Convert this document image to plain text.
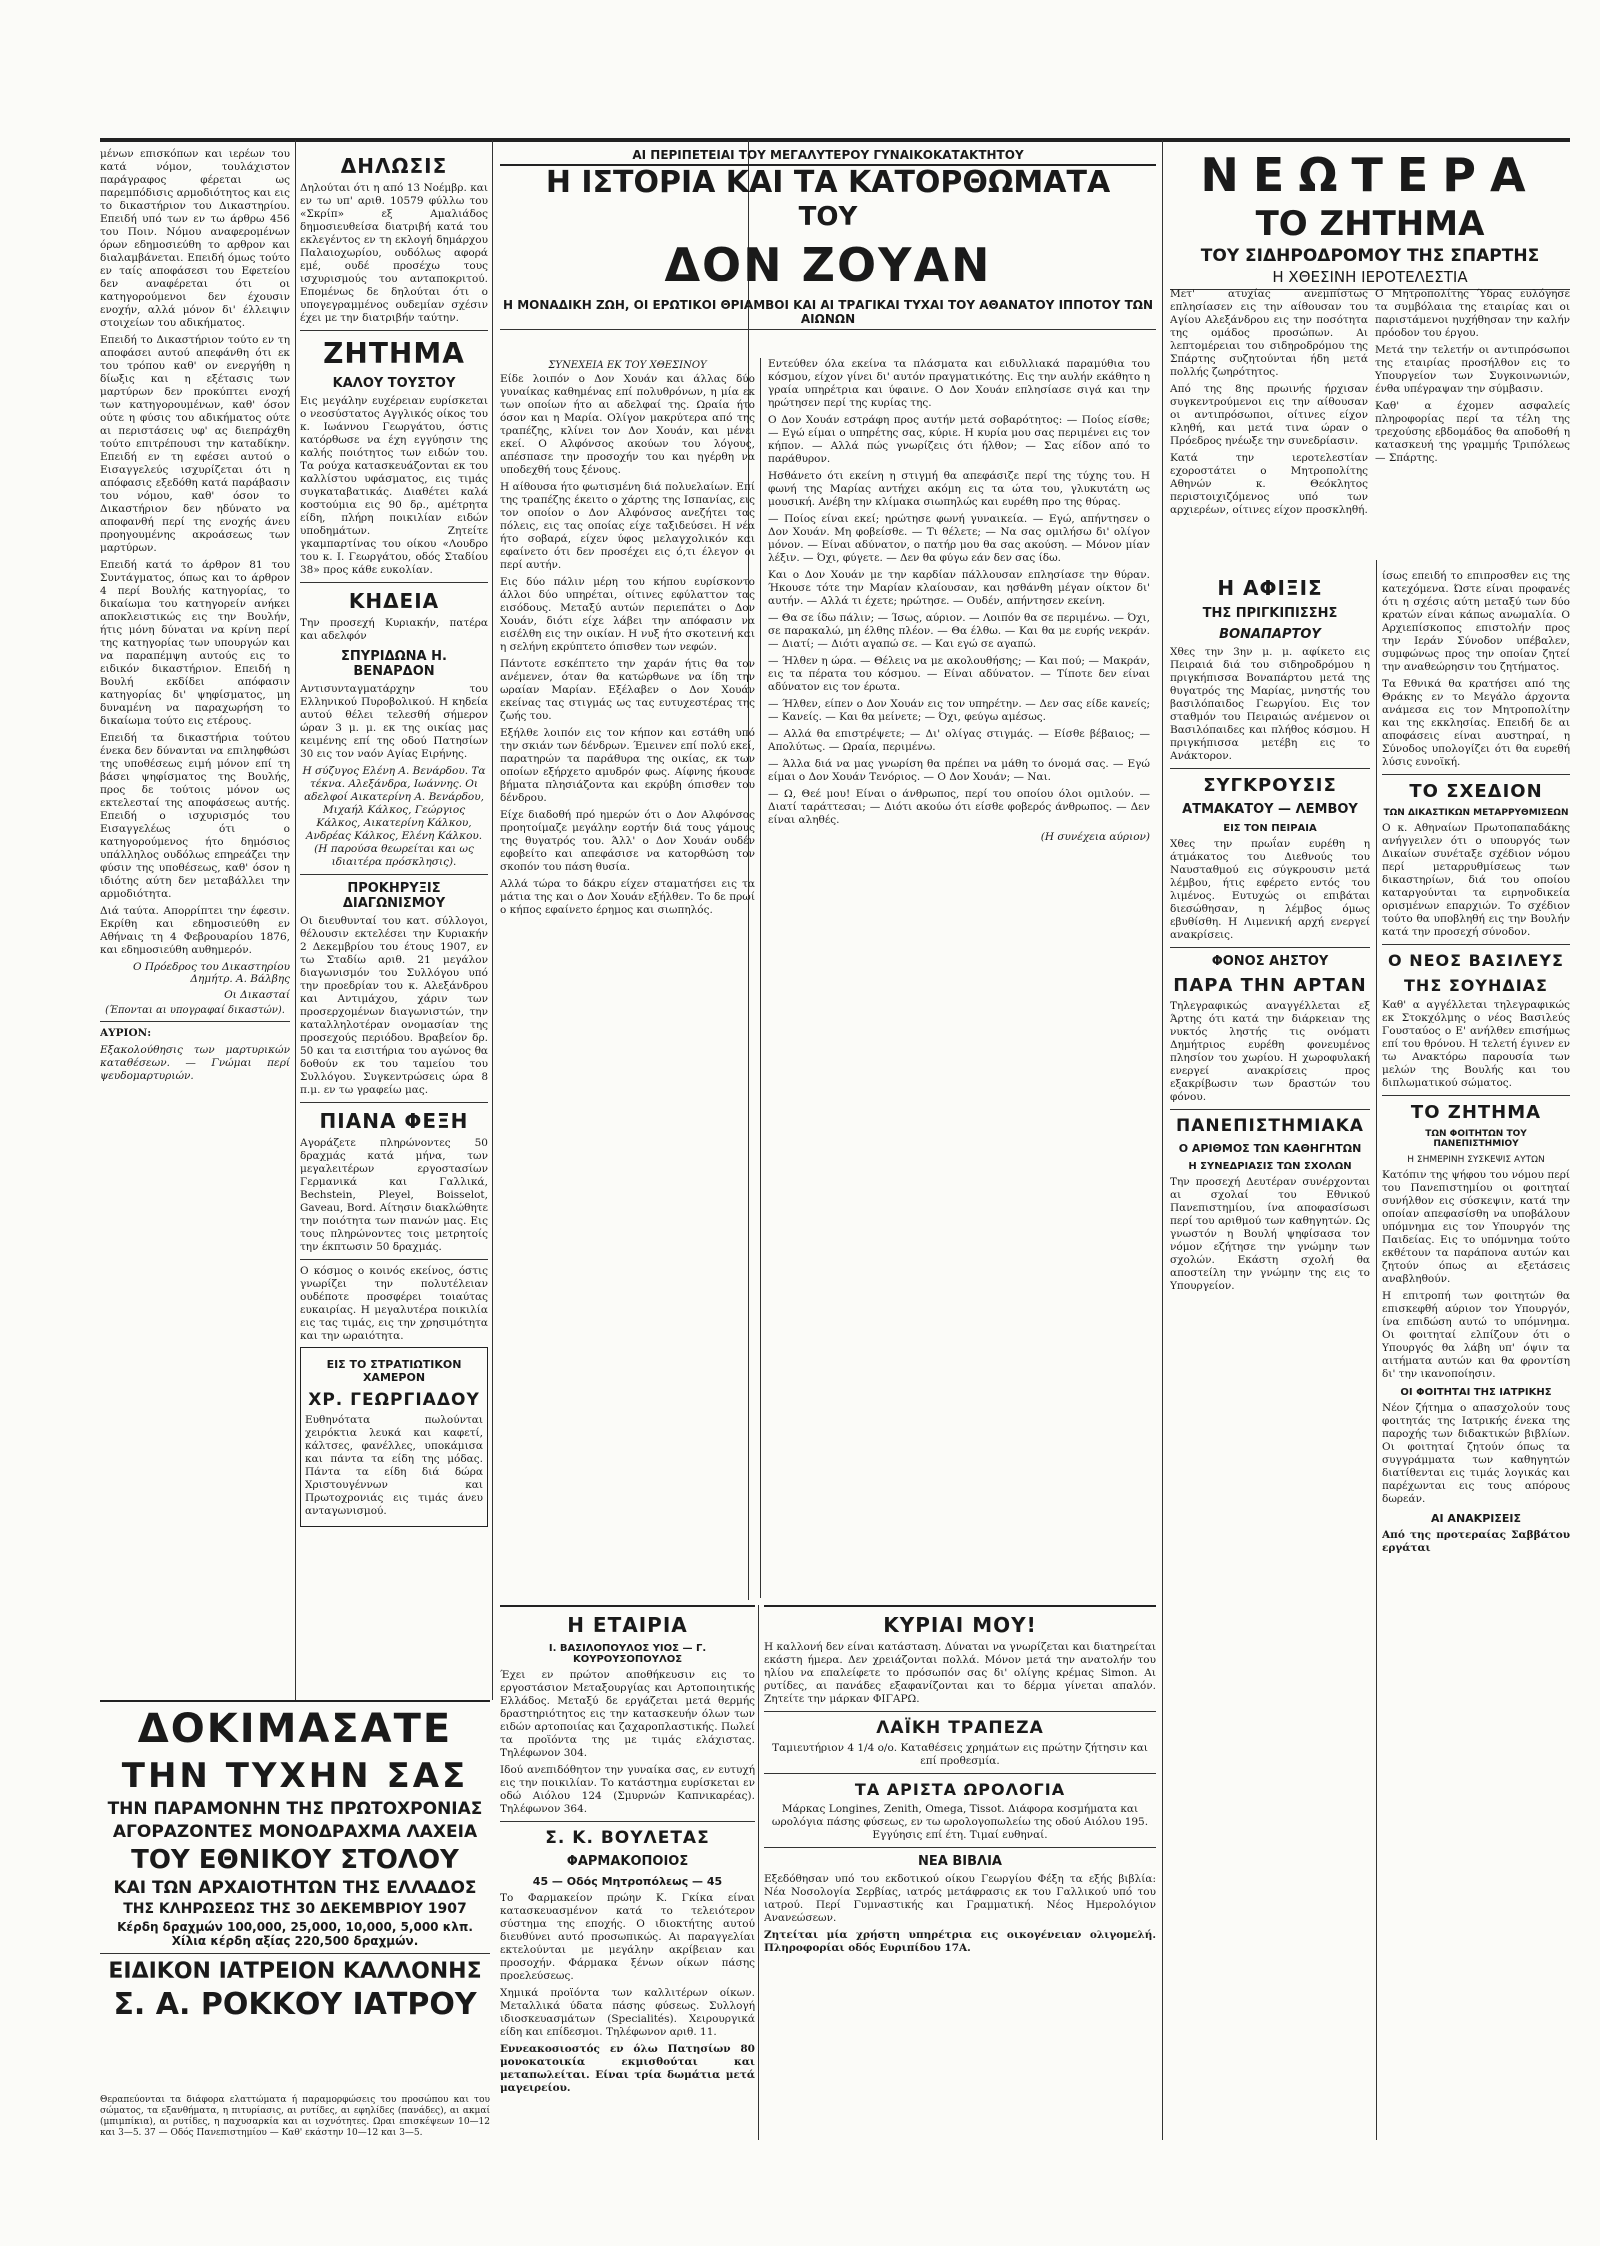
μένων επισκόπων και ιερέων του κατά νόμον, τουλάχιστον παράγραφος φέρεται ως παρεμπόδισις αρμοδιότητος και εις το δικαστήριον του Δικαστηρίου. Επειδή υπό των εν τω άρθρω 456 του Ποιν. Νόμου αναφερομένων όρων εδημοσιεύθη το αρθρον και διαλαμβάνεται. Επειδή όμως τούτο εν ταίς αποφάσεσι του Εφετείου δεν αναφέρεται ότι οι κατηγορούμενοι δεν έχουσιν ενοχήν, αλλά μόνον δι' έλλειψιν στοιχείων του αδικήματος.

Επειδή το Δικαστήριον τούτο εν τη αποφάσει αυτού απεφάνθη ότι εκ του τρόπου καθ' ον ενεργήθη η δίωξις και η εξέτασις των μαρτύρων δεν προκύπτει ενοχή των κατηγορουμένων, καθ' όσον ούτε η φύσις του αδικήματος ούτε αι περιστάσεις υφ' ας διεπράχθη τούτο επιτρέπουσι την καταδίκην. Επειδή εν τη εφέσει αυτού ο Εισαγγελεύς ισχυρίζεται ότι η απόφασις εξεδόθη κατά παράβασιν του νόμου, καθ' όσον το Δικαστήριον δεν ηδύνατο να αποφανθή περί της ενοχής άνευ προηγουμένης ακροάσεως των μαρτύρων.

Επειδή κατά το άρθρον 81 του Συντάγματος, όπως και το άρθρον 4 περί Βουλής κατηγορίας, το δικαίωμα του κατηγορείν ανήκει αποκλειστικώς εις την Βουλήν, ήτις μόνη δύναται να κρίνη περί της κατηγορίας των υπουργών και να παραπέμψη αυτούς εις το ειδικόν δικαστήριον. Επειδή η Βουλή εκδίδει απόφασιν κατηγορίας δι' ψηφίσματος, μη δυναμένη να παραχωρήση το δικαίωμα τούτο εις ετέρους.

Επειδή τα δικαστήρια τούτου ένεκα δεν δύνανται να επιληφθώσι της υποθέσεως ειμή μόνον επί τη βάσει ψηφίσματος της Βουλής, προς δε τούτοις μόνον ως εκτελεσταί της αποφάσεως αυτής. Επειδή ο ισχυρισμός του Εισαγγελέως ότι ο κατηγορούμενος ήτο δημόσιος υπάλληλος ουδόλως επηρεάζει την φύσιν της υποθέσεως, καθ' όσον η ιδιότης αύτη δεν μεταβάλλει την αρμοδιότητα.

Διά ταύτα. Απορρίπτει την έφεσιν. Εκρίθη και εδημοσιεύθη εν Αθήναις τη 4 Φεβρουαρίου 1876, και εδημοσιεύθη αυθημερόν.

Ο Πρόεδρος του Δικαστηρίου Δημήτρ. Α. Βάλβης

Οι Δικασταί

(Έπονται αι υπογραφαί δικαστών).

ΑΥΡΙΟΝ:

Εξακολούθησις των μαρτυρικών καταθέσεων. — Γνώμαι περί ψευδομαρτυριών.

ΔΗΛΩΣΙΣ

Δηλούται ότι η από 13 Νοέμβρ. και εν τω υπ' αριθ. 10579 φύλλω του «Σκρίπ» εξ Αμαλιάδος δημοσιευθείσα διατριβή κατά του εκλεγέντος εν τη εκλογή δημάρχου Παλαιοχωρίου, ουδόλως αφορά εμέ, ουδέ προσέχω τους ισχυρισμούς του ανταποκριτού. Επομένως δε δηλούται ότι ο υπογεγραμμένος ουδεμίαν σχέσιν έχει με την διατριβήν ταύτην.

ΖΗΤΗΜΑ
ΚΑΛΟΥ ΤΟΥΣΤΟΥ

Εις μεγάλην ευχέρειαν ευρίσκεται ο νεοσύστατος Αγγλικός οίκος του κ. Ιωάννου Γεωργάτου, όστις κατόρθωσε να έχη εγγύησιν της καλής ποιότητος των ειδών του. Τα ρούχα κατασκευάζονται εκ του καλλίστου υφάσματος, εις τιμάς συγκαταβατικάς. Διαθέτει καλά κοστούμια εις 90 δρ., αμέτρητα είδη, πλήρη ποικιλίαν ειδών υποδημάτων. Ζητείτε γκαμπαρτίνας του οίκου «Λουδρο του κ. Ι. Γεωργάτου, οδός Σταδίου 38» προς κάθε ευκολίαν.

ΚΗΔΕΙΑ

Την προσεχή Κυριακήν, πατέρα και αδελφόν

ΣΠΥΡΙΔΩΝΑ Η. ΒΕΝΑΡΔΟΝ

Αντισυνταγματάρχην του Ελληνικού Πυροβολικού. Η κηδεία αυτού θέλει τελεσθή σήμερον ώραν 3 μ. μ. εκ της οικίας μας κειμένης επί της οδού Πατησίων 30 εις τον ναόν Αγίας Ειρήνης.

Η σύζυγος Ελένη Α. Βενάρδου. Τα τέκνα. Αλεξάνδρα, Ιωάννης. Οι αδελφοί Αικατερίνη Α. Βενάρδου, Μιχαήλ Κάλκος, Γεώργιος Κάλκος, Αικατερίνη Κάλκου, Ανδρέας Κάλκος, Ελένη Κάλκου. (Η παρούσα θεωρείται και ως ιδιαιτέρα πρόσκλησις).

ΠΡΟΚΗΡΥΞΙΣ ΔΙΑΓΩΝΙΣΜΟΥ

Οι διευθυνταί του κατ. σύλλογοι, θέλουσιν εκτελέσει την Κυριακήν 2 Δεκεμβρίου του έτους 1907, εν τω Σταδίω αριθ. 21 μεγάλον διαγωνισμόν του Συλλόγου υπό την προεδρίαν του κ. Αλεξάνδρου και Αντιμάχου, χάριν των προσερχομένων διαγωνιστών, την καταλληλοτέραν ονομασίαν της προσεχούς περιόδου. Βραβείον δρ. 50 και τα εισιτήρια του αγώνος θα δοθούν εκ του ταμείου του Συλλόγου. Συγκεντρώσεις ώρα 8 π.μ. εν τω γραφείω μας.

ΠΙΑΝΑ ΦΕΞΗ

Αγοράζετε πληρώνοντες 50 δραχμάς κατά μήνα, των μεγαλειτέρων εργοστασίων Γερμανικά και Γαλλικά, Bechstein, Pleyel, Boisselot, Gaveau, Bord. Αίτησιν διακλώθητε την ποιότητα των πιανών μας. Εις τους πληρώνοντες τοις μετρητοίς την έκπτωσιν 50 δραχμάς.

Ο κόσμος ο κοινός εκείνος, όστις γνωρίζει την πολυτέλειαν ουδέποτε προσφέρει τοιαύτας ευκαιρίας. Η μεγαλυτέρα ποικιλία εις τας τιμάς, εις την χρησιμότητα και την ωραιότητα.

ΕΙΣ ΤΟ ΣΤΡΑΤΙΩΤΙΚΟΝ ΧΑΜΕΡΟΝ
ΧΡ. ΓΕΩΡΓΙΑΔΟΥ

Ευθηνότατα πωλούνται χειρόκτια λευκά και καφετί, κάλτσες, φανέλλες, υποκάμισα και πάντα τα είδη της μόδας. Πάντα τα είδη διά δώρα Χριστουγέννων και Πρωτοχρονιάς εις τιμάς άνευ ανταγωνισμού.

ΑΙ ΠΕΡΙΠΕΤΕΙΑΙ ΤΟΥ ΜΕΓΑΛΥΤΕΡΟΥ ΓΥΝΑΙΚΟΚΑΤΑΚΤΗΤΟΥ
Η ΙΣΤΟΡΙΑ ΚΑΙ ΤΑ ΚΑΤΟΡΘΩΜΑΤΑ
ΤΟΥ
ΔΟΝ ΖΟΥΑΝ
Η ΜΟΝΑΔΙΚΗ ΖΩΗ, ΟΙ ΕΡΩΤΙΚΟΙ ΘΡΙΑΜΒΟΙ ΚΑΙ ΑΙ ΤΡΑΓΙΚΑΙ ΤΥΧΑΙ ΤΟΥ ΑΘΑΝΑΤΟΥ ΙΠΠΟΤΟΥ ΤΩΝ ΑΙΩΝΩΝ

ΣΥΝΕΧΕΙΑ ΕΚ ΤΟΥ ΧΘΕΣΙΝΟΥ

Είδε λοιπόν ο Δον Χουάν και άλλας δύο γυναίκας καθημένας επί πολυθρόνων, η μία εκ των οποίων ήτο αι αδελφαί της. Ωραία ήτο όσον και η Μαρία. Ολίγον μακρύτερα από της τραπέζης, κλίνει τον Δον Χουάν, και μένει εκεί. Ο Αλφόνσος ακούων του λόγους, απέσπασε την προσοχήν του και ηγέρθη να υποδεχθή τους ξένους.

Η αίθουσα ήτο φωτισμένη διά πολυελαίων. Επί της τραπέζης έκειτο ο χάρτης της Ισπανίας, εις τον οποίον ο Δον Αλφόνσος ανεζήτει τας πόλεις, εις τας οποίας είχε ταξιδεύσει. Η νέα ήτο σοβαρά, είχεν ύφος μελαγχολικόν και εφαίνετο ότι δεν προσέχει εις ό,τι έλεγον οι περί αυτήν.

Εις δύο πάλιν μέρη του κήπου ευρίσκοντο άλλοι δύο υπηρέται, οίτινες εφύλαττον τας εισόδους. Μεταξύ αυτών περιεπάτει ο Δον Χουάν, διότι είχε λάβει την απόφασιν να εισέλθη εις την οικίαν. Η νυξ ήτο σκοτεινή και η σελήνη εκρύπτετο όπισθεν των νεφών.

Πάντοτε εσκέπτετο την χαράν ήτις θα τον ανέμενεν, όταν θα κατώρθωνε να ίδη την ωραίαν Μαρίαν. Εξέλαβεν ο Δον Χουάν εκείνας τας στιγμάς ως τας ευτυχεστέρας της ζωής του.

Εξήλθε λοιπόν εις τον κήπον και εστάθη υπό την σκιάν των δένδρων. Έμεινεν επί πολύ εκεί, παρατηρών τα παράθυρα της οικίας, εκ των οποίων εξήρχετο αμυδρόν φως. Αίφνης ήκουσε βήματα πλησιάζοντα και εκρύβη όπισθεν του δένδρου.

Είχε διαδοθή πρό ημερών ότι ο Δον Αλφόνσος προητοίμαζε μεγάλην εορτήν διά τους γάμους της θυγατρός του. Άλλ' ο Δον Χουάν ουδέν εφοβείτο και απεφάσισε να κατορθώση τον σκοπόν του πάση θυσία.

Αλλά τώρα το δάκρυ είχεν σταματήσει εις τα μάτια της και ο Δον Χουάν εξήλθεν. Το δε πρωί ο κήπος εφαίνετο έρημος και σιωπηλός.

Εντεύθεν όλα εκείνα τα πλάσματα και ειδυλλιακά παραμύθια του κόσμου, είχον γίνει δι' αυτόν πραγματικότης. Εις την αυλήν εκάθητο η γραία υπηρέτρια και ύφαινε. Ο Δον Χουάν επλησίασε σιγά και την ηρώτησεν περί της κυρίας της.

Ο Δον Χουάν εστράφη προς αυτήν μετά σοβαρότητος: — Ποίος είσθε; — Εγώ είμαι ο υπηρέτης σας, κύριε. Η κυρία μου σας περιμένει εις τον κήπον. — Αλλά πώς γνωρίζεις ότι ήλθον; — Σας είδον από το παράθυρον.

Ησθάνετο ότι εκείνη η στιγμή θα απεφάσιζε περί της τύχης του. Η φωνή της Μαρίας αντήχει ακόμη εις τα ώτα του, γλυκυτάτη ως μουσική. Ανέβη την κλίμακα σιωπηλώς και ευρέθη προ της θύρας.

— Ποίος είναι εκεί; ηρώτησε φωνή γυναικεία. — Εγώ, απήντησεν ο Δον Χουάν. Μη φοβείσθε. — Τι θέλετε; — Να σας ομιλήσω δι' ολίγον μόνον. — Είναι αδύνατον, ο πατήρ μου θα σας ακούση. — Μόνον μίαν λέξιν. — Όχι, φύγετε. — Δεν θα φύγω εάν δεν σας ίδω.

Και ο Δον Χουάν με την καρδίαν πάλλουσαν επλησίασε την θύραν. Ήκουσε τότε την Μαρίαν κλαίουσαν, και ησθάνθη μέγαν οίκτον δι' αυτήν. — Αλλά τι έχετε; ηρώτησε. — Ουδέν, απήντησεν εκείνη.

— Θα σε ίδω πάλιν; — Ίσως, αύριον. — Λοιπόν θα σε περιμένω. — Όχι, σε παρακαλώ, μη έλθης πλέον. — Θα έλθω. — Και θα με ευρής νεκράν. — Διατί; — Διότι αγαπώ σε. — Και εγώ σε αγαπώ.

— Ήλθεν η ώρα. — Θέλεις να με ακολουθήσης; — Και πού; — Μακράν, εις τα πέρατα του κόσμου. — Είναι αδύνατον. — Τίποτε δεν είναι αδύνατον εις τον έρωτα.

— Ήλθεν, είπεν ο Δον Χουάν εις τον υπηρέτην. — Δεν σας είδε κανείς; — Κανείς. — Και θα μείνετε; — Όχι, φεύγω αμέσως.

— Αλλά θα επιστρέψετε; — Δι' ολίγας στιγμάς. — Είσθε βέβαιος; — Απολύτως. — Ωραία, περιμένω.

— Άλλα διά να μας γνωρίση θα πρέπει να μάθη το όνομά σας. — Εγώ είμαι ο Δον Χουάν Τενόριος. — Ο Δον Χουάν; — Ναι.

— Ω, Θεέ μου! Είναι ο άνθρωπος, περί του οποίου όλοι ομιλούν. — Διατί ταράττεσαι; — Διότι ακούω ότι είσθε φοβερός άνθρωπος. — Δεν είναι αληθές.

(Η συνέχεια αύριον)

Η ΕΤΑΙΡΙΑ
Ι. ΒΑΣΙΛΟΠΟΥΛΟΣ ΥΙΟΣ — Γ. ΚΟΥΡΟΥΣΟΠΟΥΛΟΣ

Έχει εν πρώτον αποθήκευσιν εις το εργοστάσιον Μεταξουργίας και Αρτοποιητικής Ελλάδος. Μεταξύ δε εργάζεται μετά θερμής δραστηριότητος εις την κατασκευήν όλων των ειδών αρτοποιίας και ζαχαροπλαστικής. Πωλεί τα προϊόντα της με τιμάς ελάχιστας. Τηλέφωνον 304.

Ιδού ανεπιδόθητον την γυναίκα σας, εν ευτυχή εις την ποικιλίαν. Το κατάστημα ευρίσκεται εν οδώ Αιόλου 124 (Σμυρνών Καπνικαρέας). Τηλέφωνον 364.

Σ. Κ. ΒΟΥΛΕΤΑΣ
ΦΑΡΜΑΚΟΠΟΙΟΣ
45 — Οδός Μητροπόλεως — 45

Το Φαρμακείον πρώην Κ. Γκίκα είναι κατασκευασμένον κατά το τελειότερον σύστημα της εποχής. Ο ιδιοκτήτης αυτού διευθύνει αυτό προσωπικώς. Αι παραγγελίαι εκτελούνται με μεγάλην ακρίβειαν και προσοχήν. Φάρμακα ξένων οίκων πάσης προελεύσεως.

Χημικά προϊόντα των καλλιτέρων οίκων. Μεταλλικά ύδατα πάσης φύσεως. Συλλογή ιδιοσκευασμάτων (Specialités). Χειρουργικά είδη και επίδεσμοι. Τηλέφωνον αριθ. 11.

Εννεακοσιοστός εν όλω Πατησίων 80 μονοκατοικία εκμισθούται και μεταπωλείται. Είναι τρία δωμάτια μετά μαγειρείου.

ΚΥΡΙΑΙ ΜΟΥ!

Η καλλονή δεν είναι κατάσταση. Δύναται να γνωρίζεται και διατηρείται εκάστη ήμερα. Δεν χρειάζονται πολλά. Μόνον μετά την ανατολήν του ηλίου να επαλείφετε το πρόσωπόν σας δι' ολίγης κρέμας Simon. Αι ρυτίδες, αι πανάδες εξαφανίζονται και το δέρμα γίνεται απαλόν. Ζητείτε την μάρκαν ΦΙΓΑΡΩ.

ΛΑΪΚΗ ΤΡΑΠΕΖΑ

Ταμιευτήριον 4 1/4 ο/ο. Καταθέσεις χρημάτων εις πρώτην ζήτησιν και επί προθεσμία.

ΤΑ ΑΡΙΣΤΑ ΩΡΟΛΟΓΙΑ

Μάρκας Longines, Zenith, Omega, Tissot. Διάφορα κοσμήματα και ωρολόγια πάσης φύσεως, εν τω ωρολογοπωλείω της οδού Αιόλου 195. Εγγύησις επί έτη. Τιμαί ευθηναί.

ΝΕΑ ΒΙΒΛΙΑ

Εξεδόθησαν υπό του εκδοτικού οίκου Γεωργίου Φέξη τα εξής βιβλία: Νέα Νοσολογία Σερβίας, ιατρός μετάφρασις εκ του Γαλλικού υπό του ιατρού. Περί Γυμναστικής και Γραμματική. Νέος Ημερολόγιον Ανανεώσεων.

Ζητείται μία χρήστη υπηρέτρια εις οικογένειαν ολιγομελή. Πληροφορίαι οδός Ευριπίδου 17Α.

ΝΕΩΤΕΡΑ
ΤΟ ΖΗΤΗΜΑ
ΤΟΥ ΣΙΔΗΡΟΔΡΟΜΟΥ ΤΗΣ ΣΠΑΡΤΗΣ
Η ΧΘΕΣΙΝΗ ΙΕΡΟΤΕΛΕΣΤΙΑ

Μετ' ατυχίας ανεμπίστως επλησίασεν εις την αίθουσαν του Αγίου Αλεξάνδρου εις την ποσότητα της ομάδος προσώπων. Αι λεπτομέρειαι του σιδηροδρόμου της Σπάρτης συζητούνται ήδη μετά πολλής ζωηρότητος.

Από της 8ης πρωινής ήρχισαν συγκεντρούμενοι εις την αίθουσαν οι αντιπρόσωποι, οίτινες είχον κληθή, και μετά τινα ώραν ο Πρόεδρος ηνέωξε την συνεδρίασιν.

Κατά την ιεροτελεστίαν εχοροστάτει ο Μητροπολίτης Αθηνών κ. Θεόκλητος περιστοιχιζόμενος υπό των αρχιερέων, οίτινες είχον προσκληθή.

Ο Μητροπολίτης Ύδρας ευλόγησε τα συμβόλαια της εταιρίας και οι παριστάμενοι ηυχήθησαν την καλήν πρόοδον του έργου.

Μετά την τελετήν οι αντιπρόσωποι της εταιρίας προσήλθον εις το Υπουργείον των Συγκοινωνιών, ένθα υπέγραψαν την σύμβασιν.

Καθ' α έχομεν ασφαλείς πληροφορίας περί τα τέλη της τρεχούσης εβδομάδος θα αποδοθή η κατασκευή της γραμμής Τριπόλεως — Σπάρτης.

Η ΑΦΙΞΙΣ
ΤΗΣ ΠΡΙΓΚΙΠΙΣΣΗΣ
ΒΟΝΑΠΑΡΤΟΥ

Χθες την 3ην μ. μ. αφίκετο εις Πειραιά διά του σιδηροδρόμου η πριγκήπισσα Βοναπάρτου μετά της θυγατρός της Μαρίας, μνηστής του βασιλόπαιδος Γεωργίου. Εις τον σταθμόν του Πειραιώς ανέμενον οι Βασιλόπαιδες και πλήθος κόσμου. Η πριγκήπισσα μετέβη εις το Ανάκτορον.

ΣΥΓΚΡΟΥΣΙΣ
ΑΤΜΑΚΑΤΟΥ — ΛΕΜΒΟΥ
ΕΙΣ ΤΟΝ ΠΕΙΡΑΙΑ

Χθες την πρωΐαν ευρέθη η άτμάκατος του Διεθνούς του Ναυσταθμού εις σύγκρουσιν μετά λέμβου, ήτις εφέρετο εντός του λιμένος. Ευτυχώς οι επιβάται διεσώθησαν, η λέμβος όμως εβυθίσθη. Η Λιμενική αρχή ενεργεί ανακρίσεις.

ΦΟΝΟΣ ΑΗΣΤΟΥ
ΠΑΡΑ ΤΗΝ ΑΡΤΑΝ

Τηλεγραφικώς αναγγέλλεται εξ Άρτης ότι κατά την διάρκειαν της νυκτός ληστής τις ονόματι Δημήτριος ευρέθη φονευμένος πλησίον του χωρίου. Η χωροφυλακή ενεργεί ανακρίσεις προς εξακρίβωσιν των δραστών του φόνου.

ΠΑΝΕΠΙΣΤΗΜΙΑΚΑ
Ο ΑΡΙΘΜΟΣ ΤΩΝ ΚΑΘΗΓΗΤΩΝ
Η ΣΥΝΕΔΡΙΑΣΙΣ ΤΩΝ ΣΧΟΛΩΝ

Την προσεχή Δευτέραν συνέρχονται αι σχολαί του Εθνικού Πανεπιστημίου, ίνα αποφασίσωσι περί του αριθμού των καθηγητών. Ως γνωστόν η Βουλή ψηφίσασα τον νόμον εζήτησε την γνώμην των σχολών. Εκάστη σχολή θα αποστείλη την γνώμην της εις το Υπουργείον.

ίσως επειδή το επιπροσθεν εις της κατεχόμενα. Ώστε είναι προφανές ότι η σχέσις αύτη μεταξύ των δύο κρατών είναι κάπως ανωμαλία. Ο Αρχιεπίσκοπος επιστολήν προς την Ιεράν Σύνοδον υπέβαλεν, συμφώνως προς την οποίαν ζητεί την αναθεώρησιν του ζητήματος.

Τα Εθνικά θα κρατήσει από της Θράκης εν το Μεγάλο άρχοντα ανάμεσα εις τον Μητροπολίτην και της εκκλησίας. Επειδή δε αι αποφάσεις είναι αυστηραί, η Σύνοδος υπολογίζει ότι θα ευρεθή λύσις ευνοϊκή.

ΤΟ ΣΧΕΔΙΟΝ
ΤΩΝ ΔΙΚΑΣΤΙΚΩΝ ΜΕΤΑΡΡΥΘΜΙΣΕΩΝ

Ο κ. Αθηναίων Πρωτοπαπαδάκης ανήγγειλεν ότι ο υπουργός των Δικαίων συνέταξε σχέδιον νόμου περί μεταρρυθμίσεως των δικαστηρίων, διά του οποίου καταργούνται τα ειρηνοδικεία ορισμένων επαρχιών. Το σχέδιον τούτο θα υποβληθή εις την Βουλήν κατά την προσεχή σύνοδον.

Ο ΝΕΟΣ ΒΑΣΙΛΕΥΣ
ΤΗΣ ΣΟΥΗΔΙΑΣ

Καθ' α αγγέλλεται τηλεγραφικώς εκ Στοκχόλμης ο νέος Βασιλεύς Γουσταύος ο Ε' ανήλθεν επισήμως επί του θρόνου. Η τελετή έγινεν εν τω Ανακτόρω παρουσία των μελών της Βουλής και του διπλωματικού σώματος.

ΤΟ ΖΗΤΗΜΑ
ΤΩΝ ΦΟΙΤΗΤΩΝ ΤΟΥ ΠΑΝΕΠΙΣΤΗΜΙΟΥ
Η ΣΗΜΕΡΙΝΗ ΣΥΣΚΕΨΙΣ ΑΥΤΩΝ

Κατόπιν της ψήφου του νόμου περί του Πανεπιστημίου οι φοιτηταί συνήλθον εις σύσκεψιν, κατά την οποίαν απεφασίσθη να υποβάλουν υπόμνημα εις τον Υπουργόν της Παιδείας. Εις το υπόμνημα τούτο εκθέτουν τα παράπονα αυτών και ζητούν όπως αι εξετάσεις αναβληθούν.

Η επιτροπή των φοιτητών θα επισκεφθή αύριον τον Υπουργόν, ίνα επιδώση αυτώ το υπόμνημα. Οι φοιτηταί ελπίζουν ότι ο Υπουργός θα λάβη υπ' όψιν τα αιτήματα αυτών και θα φροντίση δι' την ικανοποίησιν.

ΟΙ ΦΟΙΤΗΤΑΙ ΤΗΣ ΙΑΤΡΙΚΗΣ

Νέον ζήτημα ο απασχολούν τους φοιτητάς της Ιατρικής ένεκα της παροχής των διδακτικών βιβλίων. Οι φοιτηταί ζητούν όπως τα συγγράμματα των καθηγητών διατίθενται εις τιμάς λογικάς και παρέχωνται εις τους απόρους δωρεάν.

ΑΙ ΑΝΑΚΡΙΣΕΙΣ

Από της προτεραίας Σαββάτου εργάται

ΔΟΚΙΜΑΣΑΤΕ
ΤΗΝ ΤΥΧΗΝ ΣΑΣ
ΤΗΝ ΠΑΡΑΜΟΝΗΝ ΤΗΣ ΠΡΩΤΟΧΡΟΝΙΑΣ
ΑΓΟΡΑΖΟΝΤΕΣ ΜΟΝΟΔΡΑΧΜΑ ΛΑΧΕΙΑ
ΤΟΥ ΕΘΝΙΚΟΥ ΣΤΟΛΟΥ
ΚΑΙ ΤΩΝ ΑΡΧΑΙΟΤΗΤΩΝ ΤΗΣ ΕΛΛΑΔΟΣ
ΤΗΣ ΚΛΗΡΩΣΕΩΣ ΤΗΣ 30 ΔΕΚΕΜΒΡΙΟΥ 1907
Κέρδη δραχμών 100,000, 25,000, 10,000, 5,000 κλπ. Χίλια κέρδη αξίας 220,500 δραχμών.
ΕΙΔΙΚΟΝ ΙΑΤΡΕΙΟΝ ΚΑΛΛΟΝΗΣ
Σ. Α. ΡΟΚΚΟΥ ΙΑΤΡΟΥ
Θεραπεύονται τα διάφορα ελαττώματα ή παραμορφώσεις του προσώπου και του σώματος, τα εξανθήματα, η πιτυρίασις, αι ρυτίδες, αι εφηλίδες (πανάδες), αι ακμαί (μπιμπίκια), αι ρυτίδες, η παχυσαρκία και αι ισχνότητες. Ωραι επισκέψεων 10—12 και 3—5. 37 — Οδός Πανεπιστημίου — Καθ' εκάστην 10—12 και 3—5.
